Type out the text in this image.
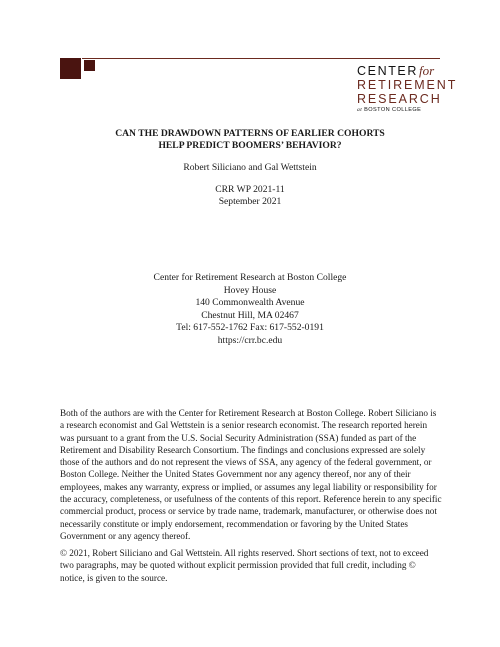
CENTERfor
RETIREMENT
RESEARCH
at BOSTON COLLEGE
CAN THE DRAWDOWN PATTERNS OF EARLIER COHORTS
HELP PREDICT BOOMERS’ BEHAVIOR?
Robert Siliciano and Gal Wettstein
CRR WP 2021-11
September 2021
Center for Retirement Research at Boston College
Hovey House
140 Commonwealth Avenue
Chestnut Hill, MA 02467
Tel: 617-552-1762 Fax: 617-552-0191
https://crr.bc.edu

Both of the authors are with the Center for Retirement Research at Boston College. Robert Siliciano is a research economist and Gal Wettstein is a senior research economist. The research reported herein was pursuant to a grant from the U.S. Social Security Administration (SSA) funded as part of the Retirement and Disability Research Consortium. The findings and conclusions expressed are solely those of the authors and do not represent the views of SSA, any agency of the federal government, or Boston College. Neither the United States Government nor any agency thereof, nor any of their employees, makes any warranty, express or implied, or assumes any legal liability or responsibility for the accuracy, completeness, or usefulness of the contents of this report. Reference herein to any specific commercial product, process or service by trade name, trademark, manufacturer, or otherwise does not necessarily constitute or imply endorsement, recommendation or favoring by the United States Government or any agency thereof.

© 2021, Robert Siliciano and Gal Wettstein. All rights reserved. Short sections of text, not to exceed two paragraphs, may be quoted without explicit permission provided that full credit, including © notice, is given to the source.
